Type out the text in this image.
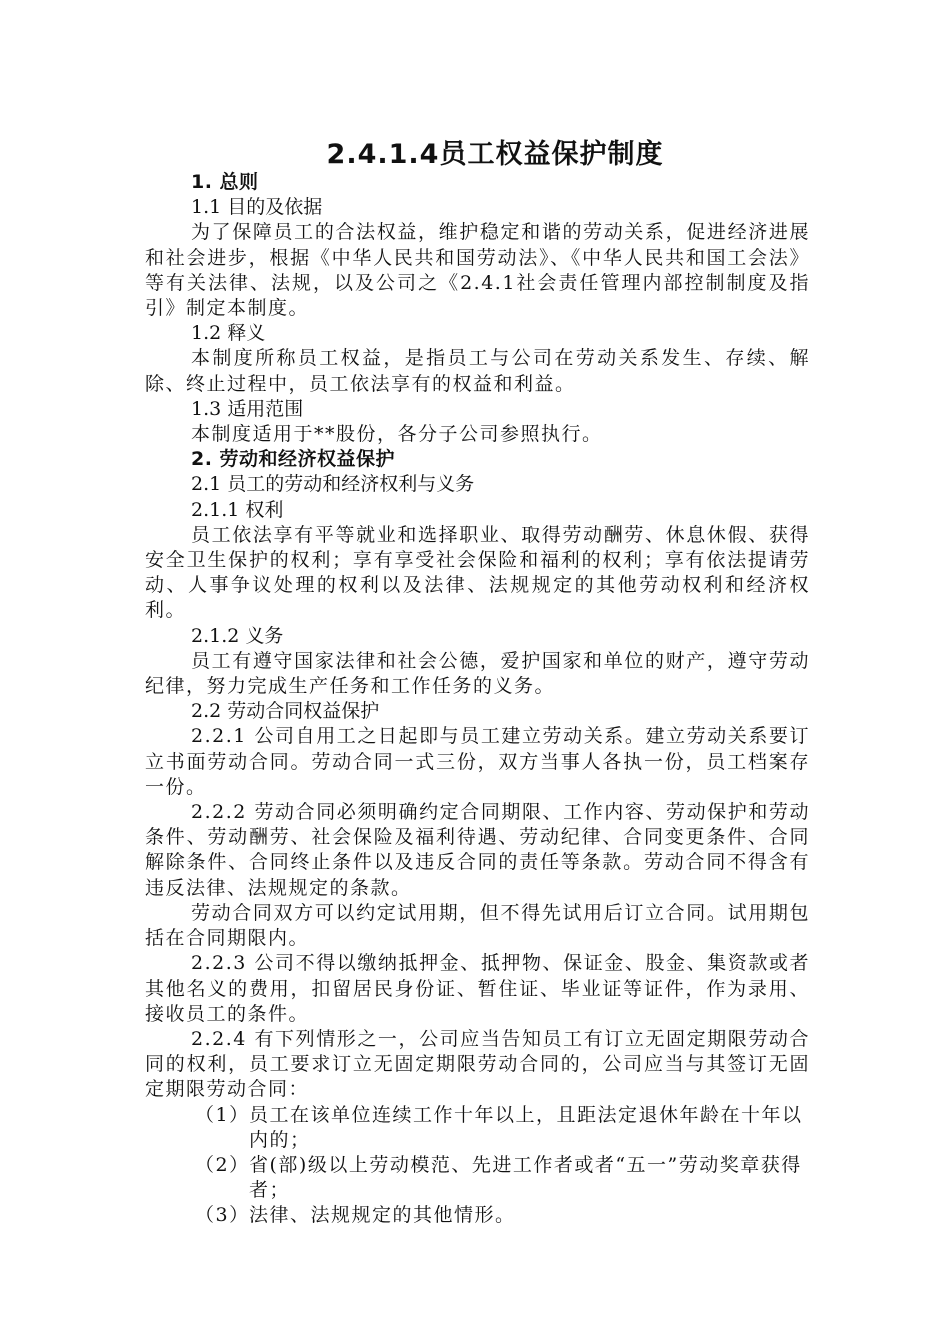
2.4.1.4员工权益保护制度

1. 总则

1.1 目的及依据

为了保障员工的合法权益，维护稳定和谐的劳动关系，促进经济进展和社会进步，根据《中华人民共和国劳动法》、《中华人民共和国工会法》等有关法律、法规，以及公司之《2.4.1社会责任管理内部控制制度及指引》制定本制度。

1.2 释义

本制度所称员工权益，是指员工与公司在劳动关系发生、存续、解除、终止过程中，员工依法享有的权益和利益。

1.3 适用范围

本制度适用于**股份，各分子公司参照执行。

2. 劳动和经济权益保护

2.1 员工的劳动和经济权利与义务

2.1.1 权利

员工依法享有平等就业和选择职业、取得劳动酬劳、休息休假、获得安全卫生保护的权利；享有享受社会保险和福利的权利；享有依法提请劳动、人事争议处理的权利以及法律、法规规定的其他劳动权利和经济权利。

2.1.2 义务

员工有遵守国家法律和社会公德，爱护国家和单位的财产，遵守劳动纪律，努力完成生产任务和工作任务的义务。

2.2 劳动合同权益保护

2.2.1 公司自用工之日起即与员工建立劳动关系。建立劳动关系要订立书面劳动合同。劳动合同一式三份，双方当事人各执一份，员工档案存一份。

2.2.2 劳动合同必须明确约定合同期限、工作内容、劳动保护和劳动条件、劳动酬劳、社会保险及福利待遇、劳动纪律、合同变更条件、合同解除条件、合同终止条件以及违反合同的责任等条款。劳动合同不得含有违反法律、法规规定的条款。

劳动合同双方可以约定试用期，但不得先试用后订立合同。试用期包括在合同期限内。

2.2.3 公司不得以缴纳抵押金、抵押物、保证金、股金、集资款或者其他名义的费用，扣留居民身份证、暂住证、毕业证等证件，作为录用、接收员工的条件。

2.2.4 有下列情形之一，公司应当告知员工有订立无固定期限劳动合同的权利，员工要求订立无固定期限劳动合同的，公司应当与其签订无固定期限劳动合同：

（1） 员工在该单位连续工作十年以上，且距法定退休年龄在十年以内的；

（2） 省(部)级以上劳动模范、先进工作者或者“五一”劳动奖章获得者；

（3） 法律、法规规定的其他情形。
